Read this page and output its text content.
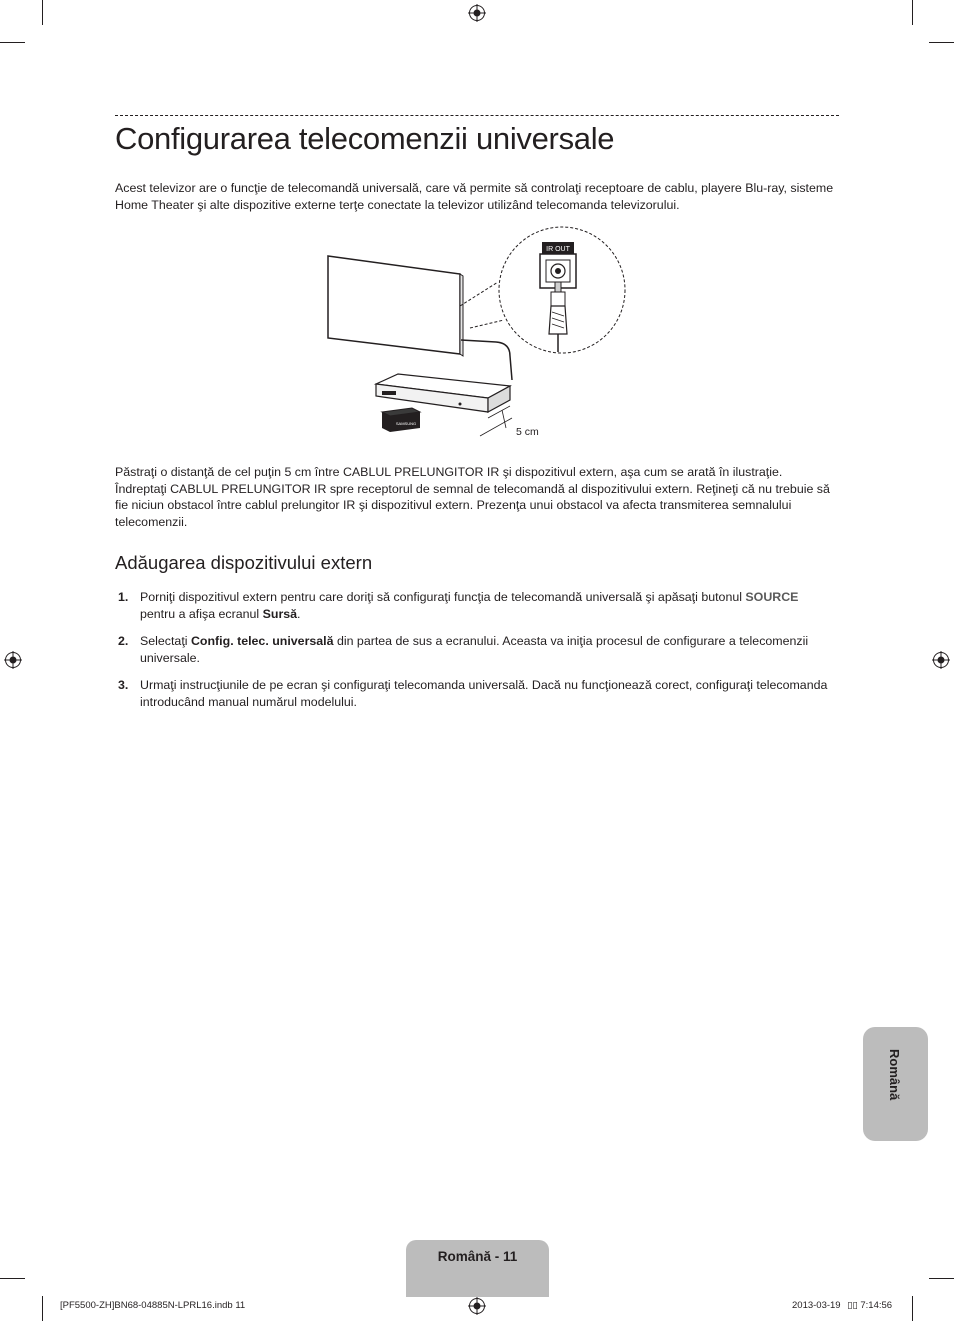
Configurarea telecomenzii universale

Acest televizor are o funcţie de telecomandă universală, care vă permite să controlaţi receptoare de cablu, playere Blu-ray, sisteme Home Theater şi alte dispozitive externe terţe conectate la televizor utilizând telecomanda televizorului.

IR OUT
SAMSUNG
5 cm

Păstraţi o distanţă de cel puţin 5 cm între CABLUL PRELUNGITOR IR şi dispozitivul extern, aşa cum se arată în ilustraţie. Îndreptaţi CABLUL PRELUNGITOR IR spre receptorul de semnal de telecomandă al dispozitivului extern. Reţineţi că nu trebuie să fie niciun obstacol între cablul prelungitor IR şi dispozitivul extern. Prezenţa unui obstacol va afecta transmiterea semnalului telecomenzii.

Adăugarea dispozitivului extern
1. Porniţi dispozitivul extern pentru care doriţi să configuraţi funcţia de telecomandă universală şi apăsaţi butonul SOURCE pentru a afişa ecranul Sursă.
2. Selectaţi Config. telec. universală din partea de sus a ecranului. Aceasta va iniţia procesul de configurare a telecomenzii universale.
3. Urmaţi instrucţiunile de pe ecran şi configuraţi telecomanda universală. Dacă nu funcţionează corect, configuraţi telecomanda introducând manual numărul modelului.
Română
Română - 11
[PF5500-ZH]BN68-04885N-LPRL16.indb 11	2013-03-19 ▯▯ 7:14:56
